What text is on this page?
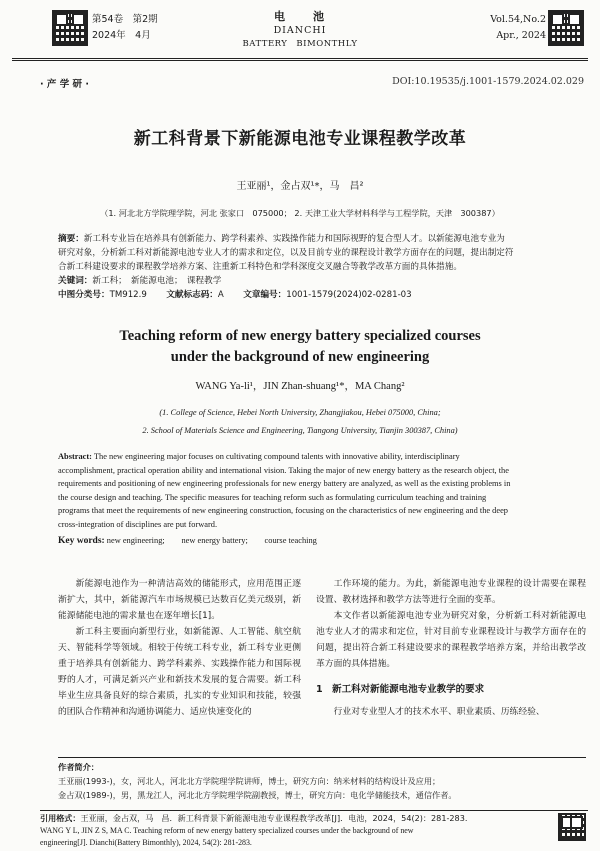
第54卷　第2期
2024年　4月
电　　池
DIANCHI
BATTERY　BIMONTHLY
Vol.54,No.2
Apr., 2024
· 产 学 研 ·	DOI:10.19535/j.1001-1579.2024.02.029
新工科背景下新能源电池专业课程教学改革
王亚丽¹，金占双¹*，马　昌²
（1. 河北北方学院理学院，河北 张家口　075000； 2. 天津工业大学材料科学与工程学院，天津　300387）
摘要：新工科专业旨在培养具有创新能力、跨学科素养、实践操作能力和国际视野的复合型人才。以新能源电池专业为
研究对象，分析新工科对新能源电池专业人才的需求和定位，以及目前专业的课程设计教学方面存在的问题，提出制定符
合新工科建设要求的课程教学培养方案、注重新工科特色和学科深度交叉融合等教学改革方面的具体措施。
关键词：新工科；　新能源电池；　课程教学
中图分类号：TM912.9 文献标志码：A 文章编号：1001-1579(2024)02-0281-03
Teaching reform of new energy battery specialized courses
under the background of new engineering
WANG Ya-li¹，JIN Zhan-shuang¹*，MA Chang²
(1. College of Science, Hebei North University, Zhangjiakou, Hebei 075000, China;
2. School of Materials Science and Engineering, Tiangong University, Tianjin 300387, China)
Abstract: The new engineering major focuses on cultivating compound talents with innovative ability, interdisciplinary
accomplishment, practical operation ability and international vision. Taking the major of new energy battery as the research object, the
requirements and positioning of new engineering professionals for new energy battery are analyzed, as well as the existing problems in
the course design and teaching. The specific measures for teaching reform such as formulating curriculum teaching and training
programs that meet the requirements of new engineering construction, focusing on the characteristics of new engineering and the deep
cross-integration of disciplines are put forward.
Key words: new engineering;　　new energy battery;　　course teaching

新能源电池作为一种清洁高效的储能形式，应用范围正逐渐扩大，其中，新能源汽车市场规模已达数百亿美元级别，新能源储能电池的需求量也在逐年增长[1]。

新工科主要面向新型行业，如新能源、人工智能、航空航天、智能科学等领域。相较于传统工科专业，新工科专业更侧重于培养具有创新能力、跨学科素养、实践操作能力和国际视野的人才，可满足新兴产业和新技术发展的复合需要。新工科毕业生应具备良好的综合素质，扎实的专业知识和技能，较强的团队合作精神和沟通协调能力、适应快速变化的

工作环境的能力。为此，新能源电池专业课程的设计需要在课程设置、教材选择和教学方法等进行全面的变革。

本文作者以新能源电池专业为研究对象，分析新工科对新能源电池专业人才的需求和定位，针对目前专业课程设计与教学方面存在的问题，提出符合新工科建设要求的课程教学培养方案，并给出教学改革方面的具体措施。

1　新工科对新能源电池专业教学的要求

行业对专业型人才的技术水平、职业素质、历练经验、

作者简介：
王亚丽(1993-)，女，河北人，河北北方学院理学院讲师，博士，研究方向：纳米材料的结构设计及应用；
金占双(1989-)，男，黑龙江人，河北北方学院理学院副教授，博士，研究方向：电化学储能技术，通信作者。
引用格式：王亚丽，金占双，马　昌．新工科背景下新能源电池专业课程教学改革[J]．电池，2024，54(2)：281-283.
WANG Y L, JIN Z S, MA C. Teaching reform of new energy battery specialized courses under the background of new
engineering[J]. Dianchi(Battery Bimonthly), 2024, 54(2): 281-283.
